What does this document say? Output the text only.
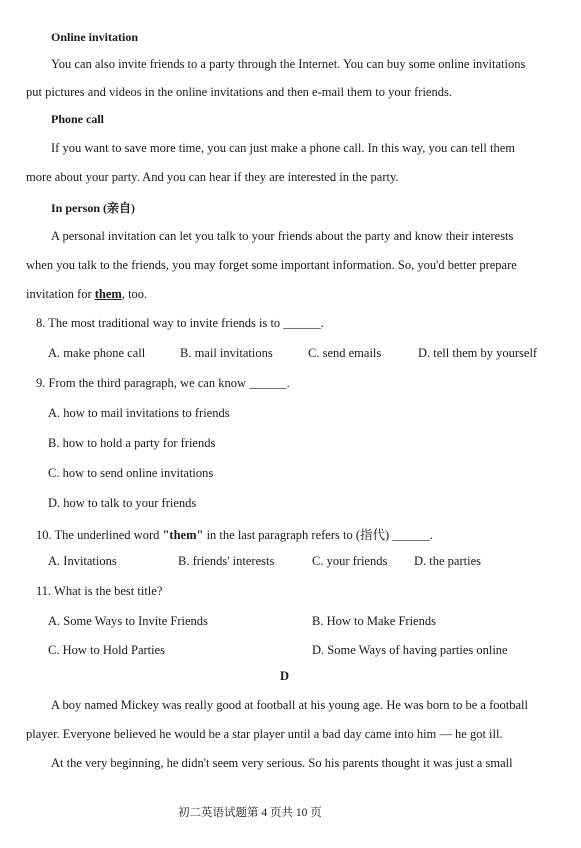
Online invitation
You can also invite friends to a party through the Internet. You can buy some online invitations
put pictures and videos in the online invitations and then e-mail them to your friends.
Phone call
If you want to save more time, you can just make a phone call. In this way, you can tell them
more about your party. And you can hear if they are interested in the party.
In person (亲自)
A personal invitation can let you talk to your friends about the party and know their interests
when you talk to the friends, you may forget some important information. So, you'd better prepare
invitation for them, too.
8. The most traditional way to invite friends is to ______.
A. make phone call	B. mail invitations	C. send emails	D. tell them by yourself
9. From the third paragraph, we can know ______.
A. how to mail invitations to friends
B. how to hold a party for friends
C. how to send online invitations
D. how to talk to your friends
10. The underlined word "them" in the last paragraph refers to (指代) ______.
A. Invitations	B. friends' interests	C. your friends D. the parties
11. What is the best title?
A. Some Ways to Invite Friends	B. How to Make Friends
C. How to Hold Parties	D. Some Ways of having parties online
D
A boy named Mickey was really good at football at his young age. He was born to be a football
player. Everyone believed he would be a star player until a bad day came into him — he got ill.
At the very beginning, he didn't seem very serious. So his parents thought it was just a small
初二英语试题第 4 页共 10 页
